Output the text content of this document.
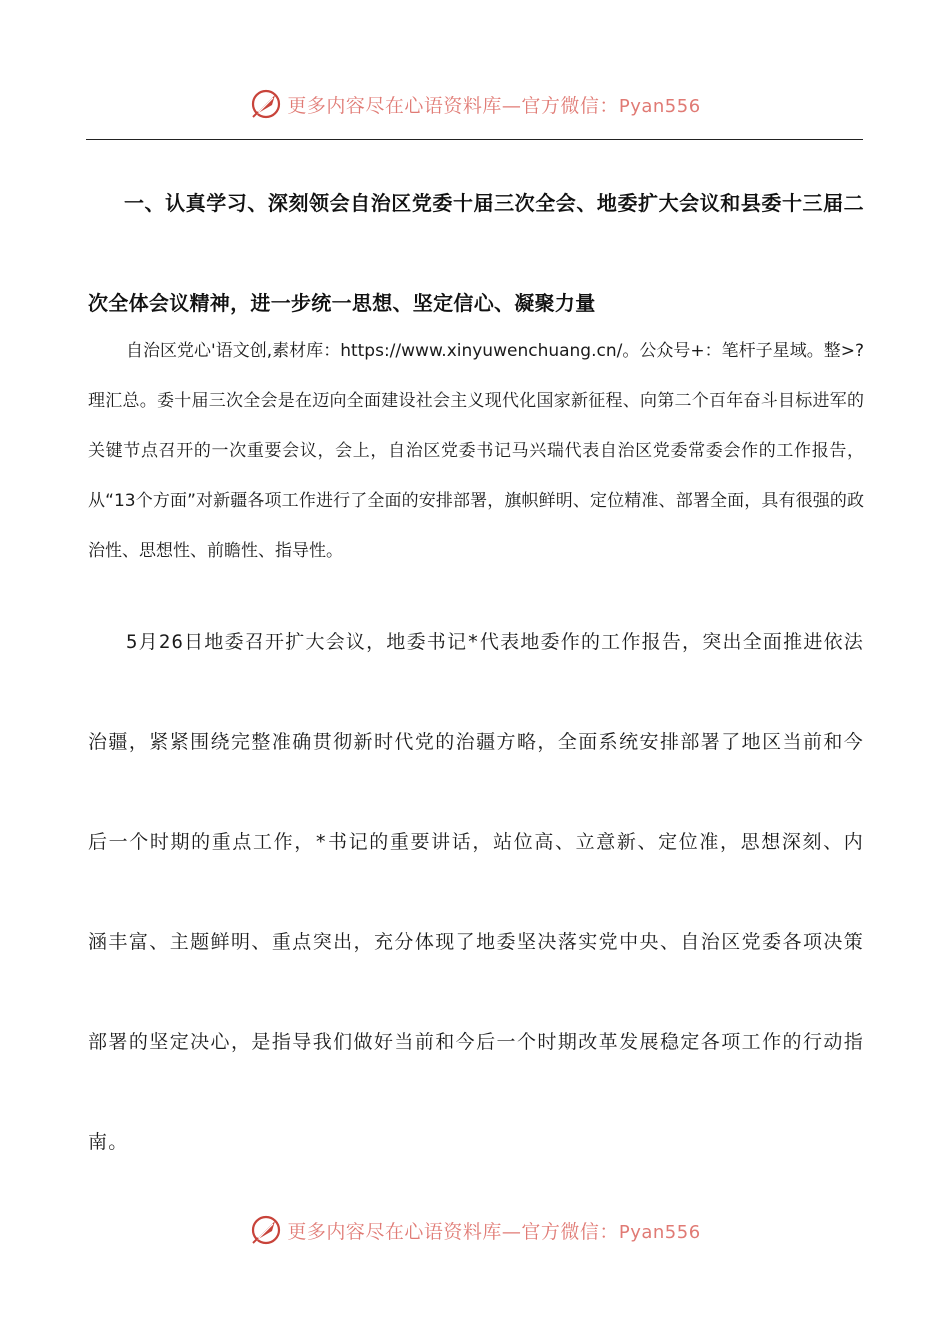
更多内容尽在心语资料库—官方微信：Pyan556
一、认真学习、深刻领会自治区党委十届三次全会、地委扩大会议和县委十三届二次全体会议精神，进一步统一思想、坚定信心、凝聚力量
自治区党心'语文创,素材库：https://www.xinyuwenchuang.cn/。公众号+：笔杆子星域。整>?理汇总。委十届三次全会是在迈向全面建设社会主义现代化国家新征程、向第二个百年奋斗目标进军的关键节点召开的一次重要会议，会上，自治区党委书记马兴瑞代表自治区党委常委会作的工作报告，从“13个方面”对新疆各项工作进行了全面的安排部署，旗帜鲜明、定位精准、部署全面，具有很强的政治性、思想性、前瞻性、指导性。
5月26日地委召开扩大会议，地委书记*代表地委作的工作报告，突出全面推进依法治疆，紧紧围绕完整准确贯彻新时代党的治疆方略，全面系统安排部署了地区当前和今后一个时期的重点工作，*书记的重要讲话，站位高、立意新、定位准，思想深刻、内涵丰富、主题鲜明、重点突出，充分体现了地委坚决落实党中央、自治区党委各项决策部署的坚定决心，是指导我们做好当前和今后一个时期改革发展稳定各项工作的行动指南。
更多内容尽在心语资料库—官方微信：Pyan556
